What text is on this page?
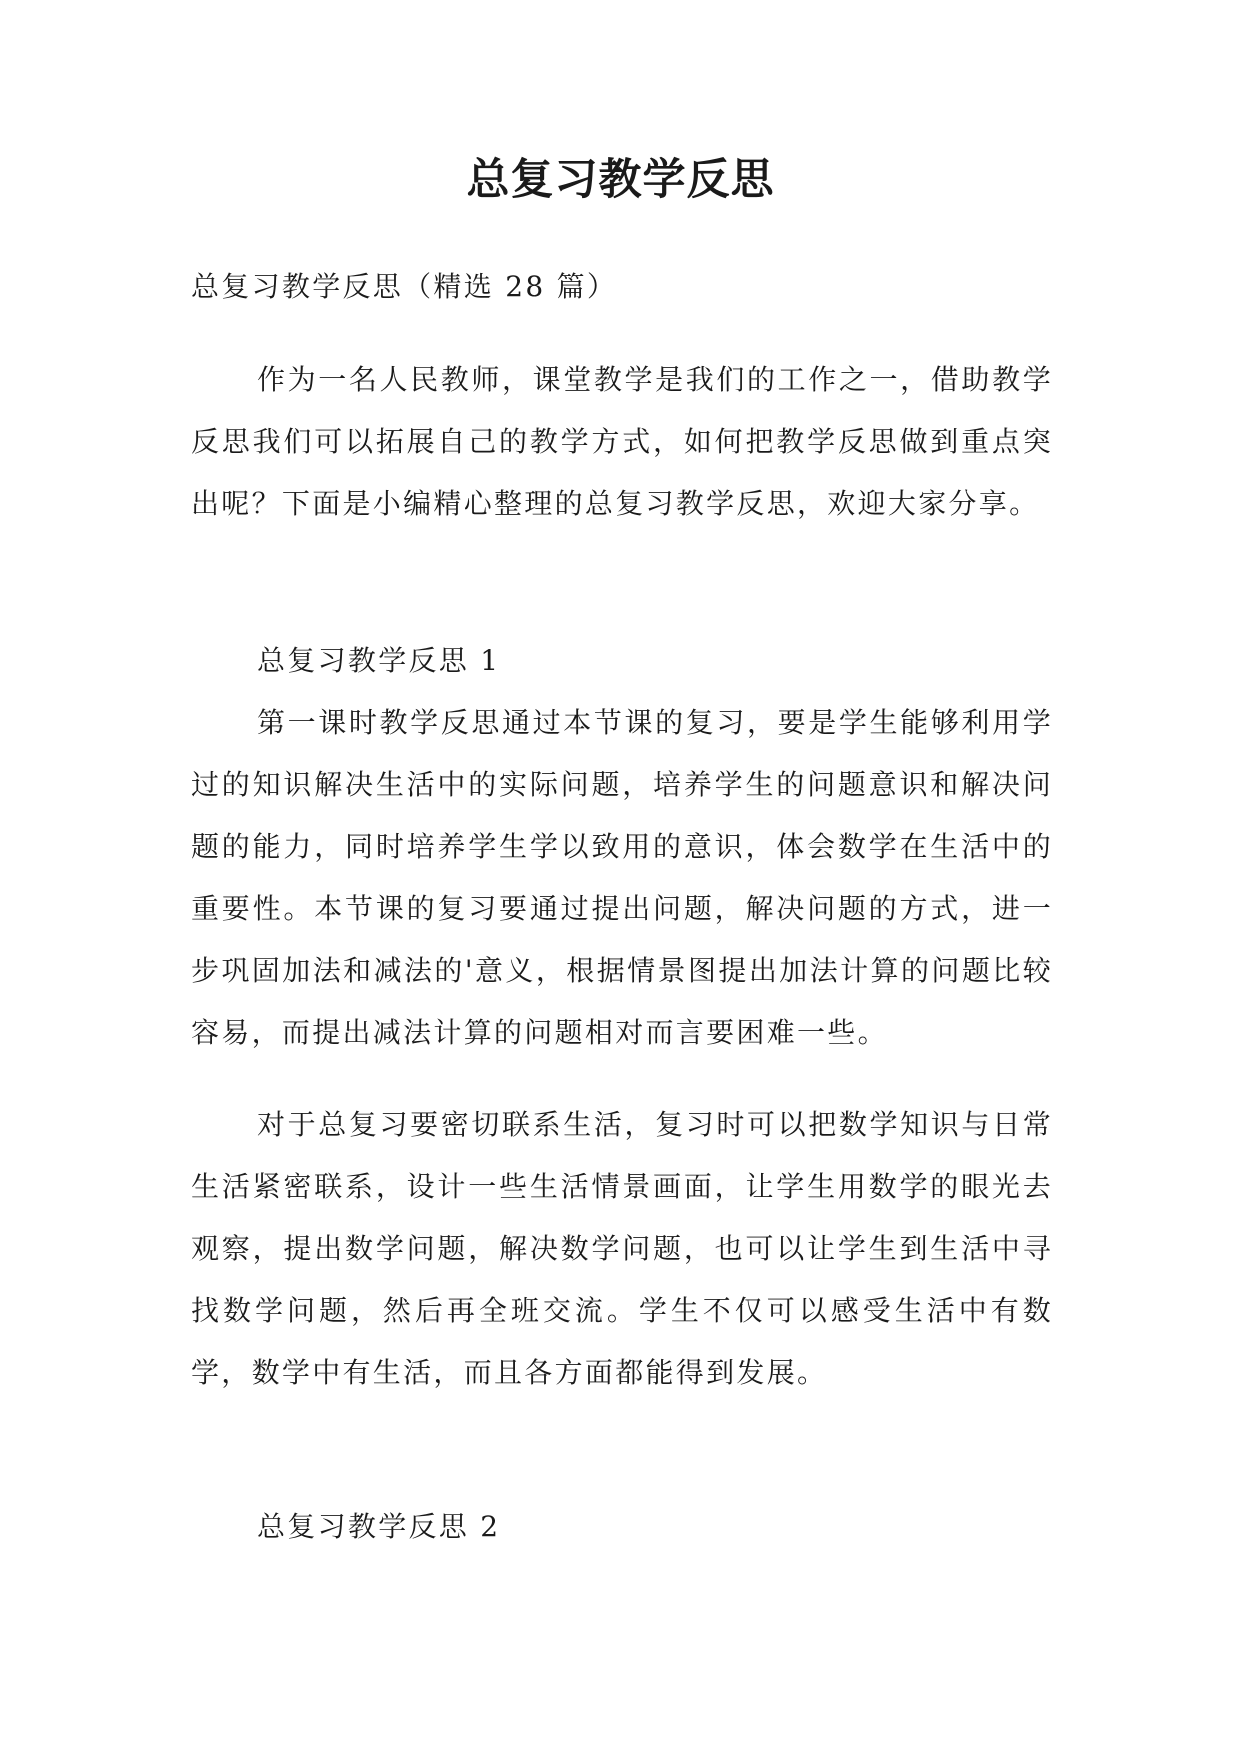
总复习教学反思

总复习教学反思（精选 28 篇）

作为一名人民教师，课堂教学是我们的工作之一，借助教学反思我们可以拓展自己的教学方式，如何把教学反思做到重点突出呢？下面是小编精心整理的总复习教学反思，欢迎大家分享。

总复习教学反思 1

第一课时教学反思通过本节课的复习，要是学生能够利用学过的知识解决生活中的实际问题，培养学生的问题意识和解决问题的能力，同时培养学生学以致用的意识，体会数学在生活中的重要性。本节课的复习要通过提出问题，解决问题的方式，进一步巩固加法和减法的'意义，根据情景图提出加法计算的问题比较容易，而提出减法计算的问题相对而言要困难一些。

对于总复习要密切联系生活，复习时可以把数学知识与日常生活紧密联系，设计一些生活情景画面，让学生用数学的眼光去观察，提出数学问题，解决数学问题，也可以让学生到生活中寻找数学问题，然后再全班交流。学生不仅可以感受生活中有数学，数学中有生活，而且各方面都能得到发展。

总复习教学反思 2
